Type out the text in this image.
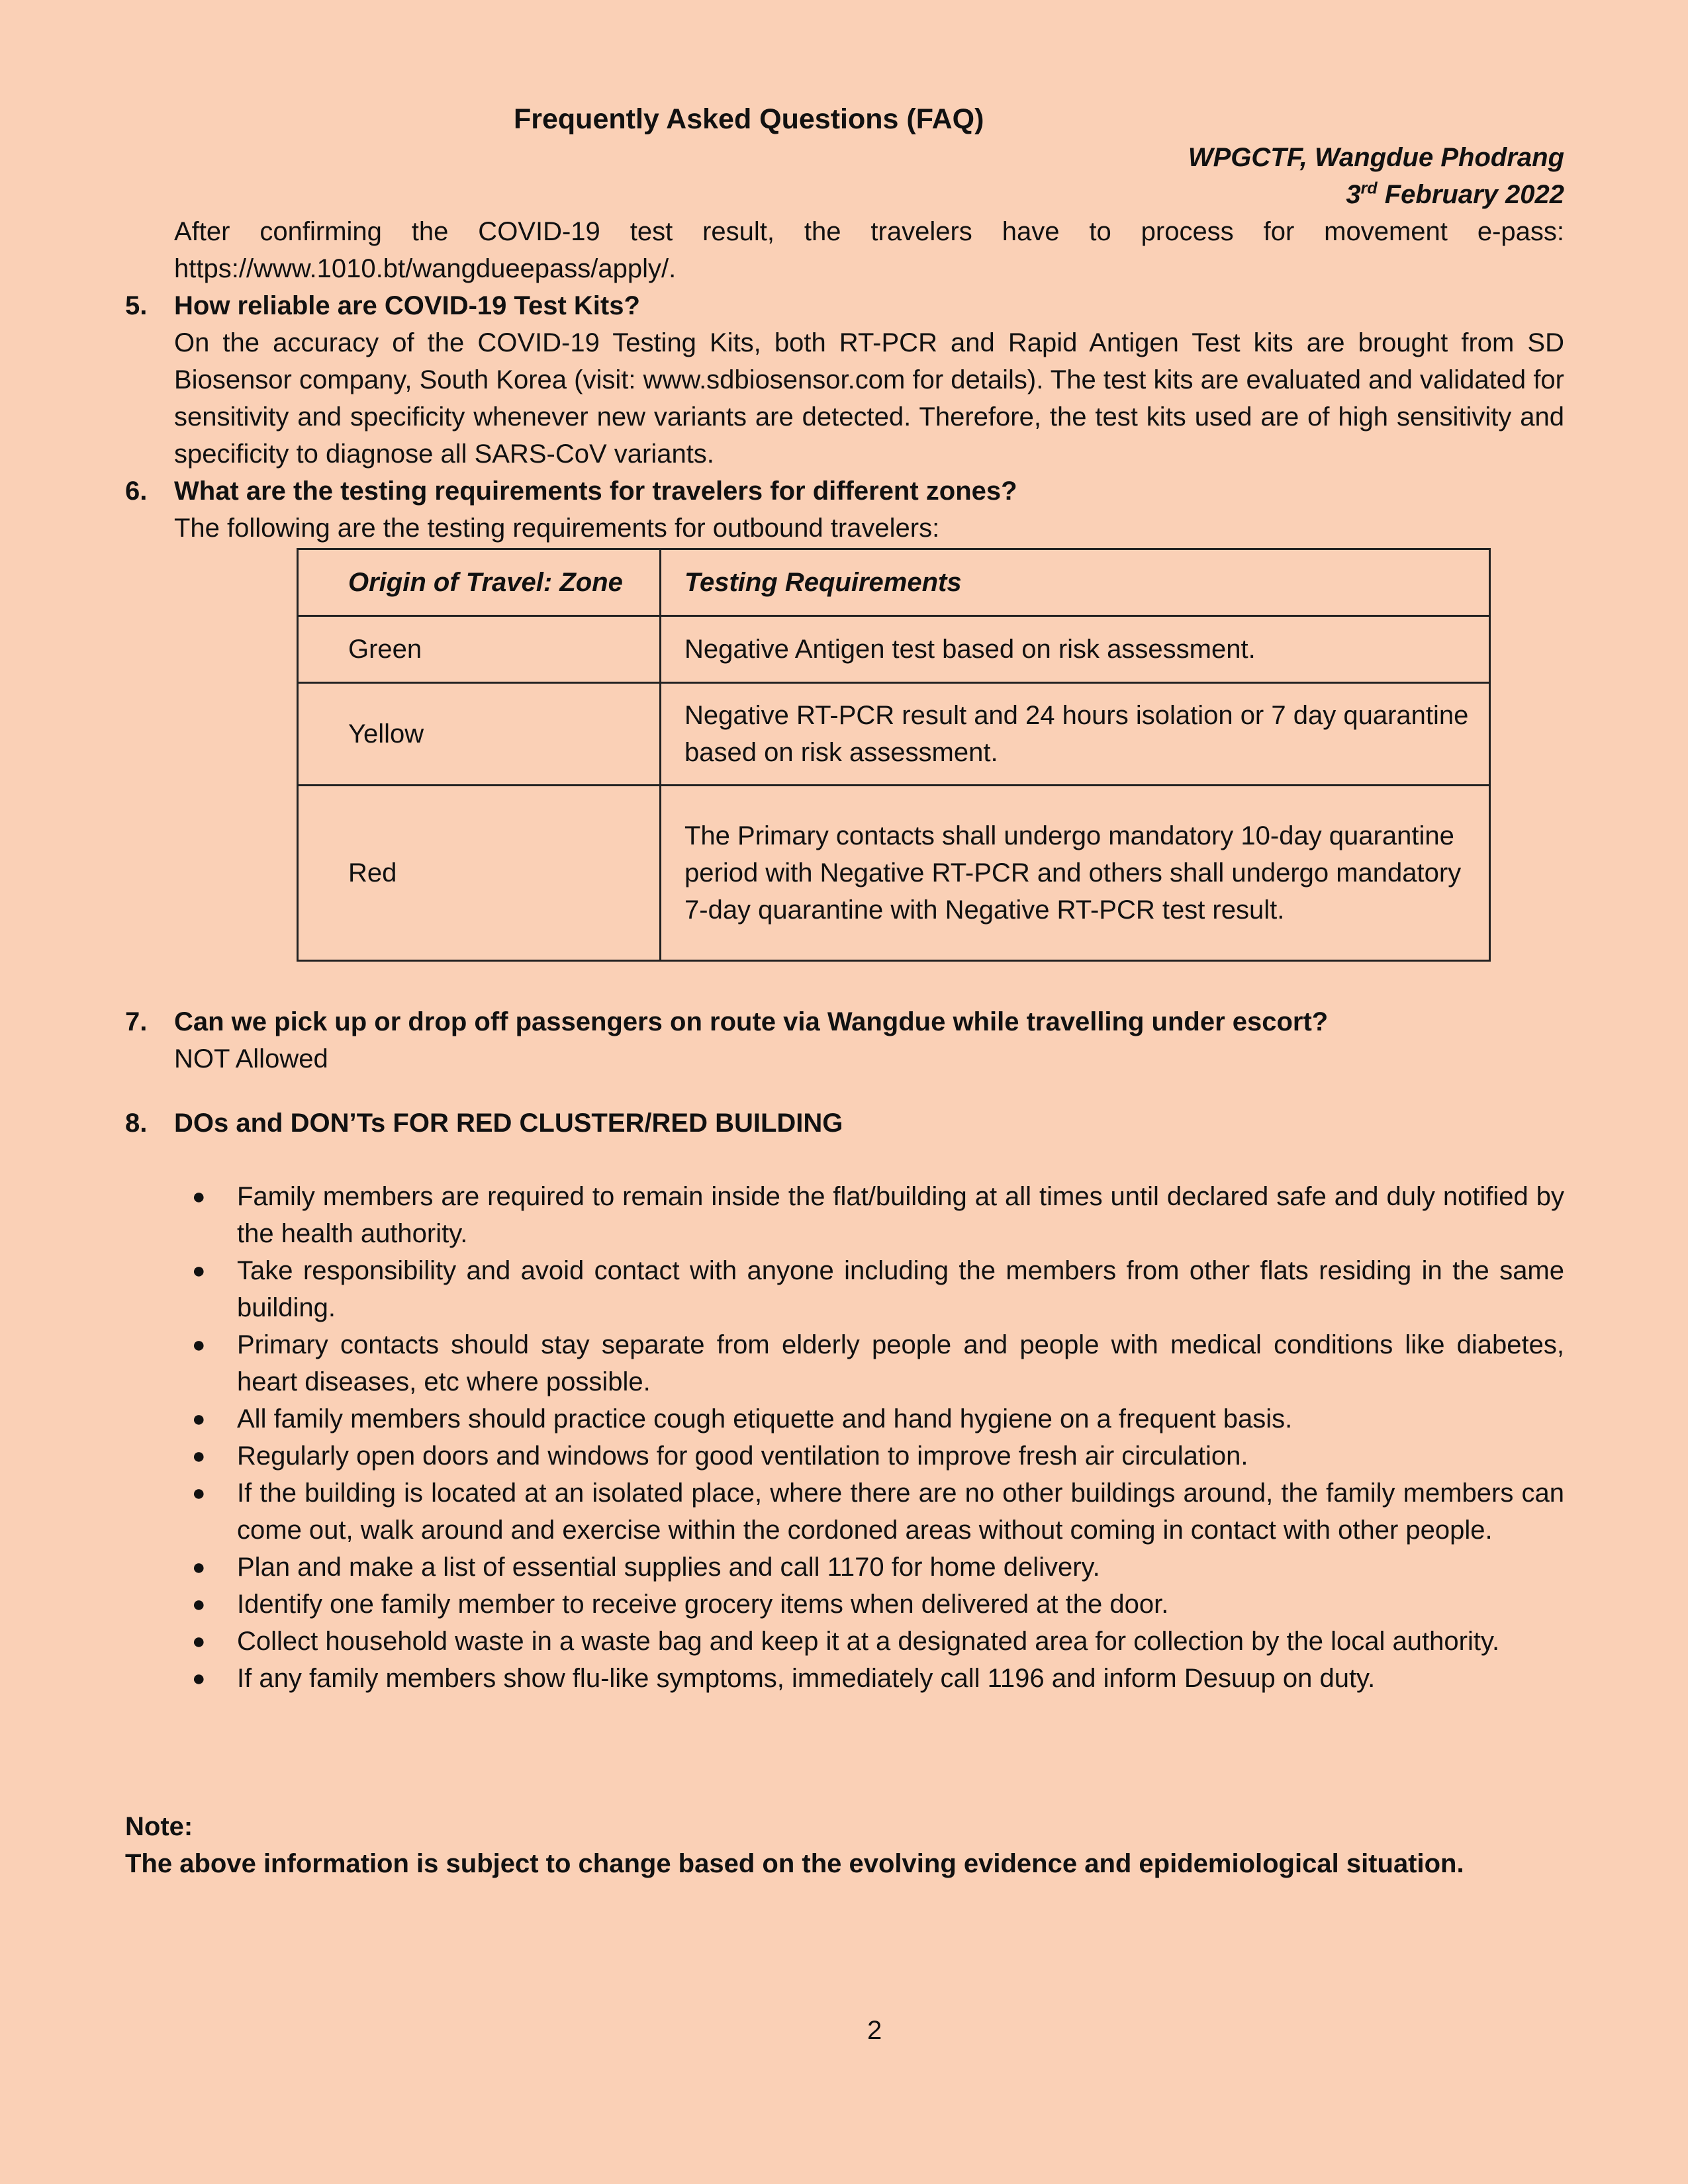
Frequently Asked Questions (FAQ)
WPGCTF, Wangdue Phodrang
3rd February 2022
After confirming the COVID-19 test result, the travelers have to process for movement e-pass: https://www.1010.bt/wangdueepass/apply/.
5. How reliable are COVID-19 Test Kits?
On the accuracy of the COVID-19 Testing Kits, both RT-PCR and Rapid Antigen Test kits are brought from SD Biosensor company, South Korea (visit: www.sdbiosensor.com for details). The test kits are evaluated and validated for sensitivity and specificity whenever new variants are detected. Therefore, the test kits used are of high sensitivity and specificity to diagnose all SARS-CoV variants.
6. What are the testing requirements for travelers for different zones?
The following are the testing requirements for outbound travelers:
Origin of Travel: Zone	Testing Requirements
Green	Negative Antigen test based on risk assessment.
Yellow	Negative RT-PCR result and 24 hours isolation or 7 day quarantine based on risk assessment.
Red	The Primary contacts shall undergo mandatory 10-day quarantine period with Negative RT-PCR and others shall undergo mandatory 7-day quarantine with Negative RT-PCR test result.
7. Can we pick up or drop off passengers on route via Wangdue while travelling under escort?
NOT Allowed
8. DOs and DON’Ts FOR RED CLUSTER/RED BUILDING
● Family members are required to remain inside the flat/building at all times until declared safe and duly notified by the health authority.
● Take responsibility and avoid contact with anyone including the members from other flats residing in the same building.
● Primary contacts should stay separate from elderly people and people with medical conditions like diabetes, heart diseases, etc where possible.
● All family members should practice cough etiquette and hand hygiene on a frequent basis.
● Regularly open doors and windows for good ventilation to improve fresh air circulation.
● If the building is located at an isolated place, where there are no other buildings around, the family members can come out, walk around and exercise within the cordoned areas without coming in contact with other people.
● Plan and make a list of essential supplies and call 1170 for home delivery.
● Identify one family member to receive grocery items when delivered at the door.
● Collect household waste in a waste bag and keep it at a designated area for collection by the local authority.
● If any family members show flu-like symptoms, immediately call 1196 and inform Desuup on duty.
Note:
The above information is subject to change based on the evolving evidence and epidemiological situation.
2
